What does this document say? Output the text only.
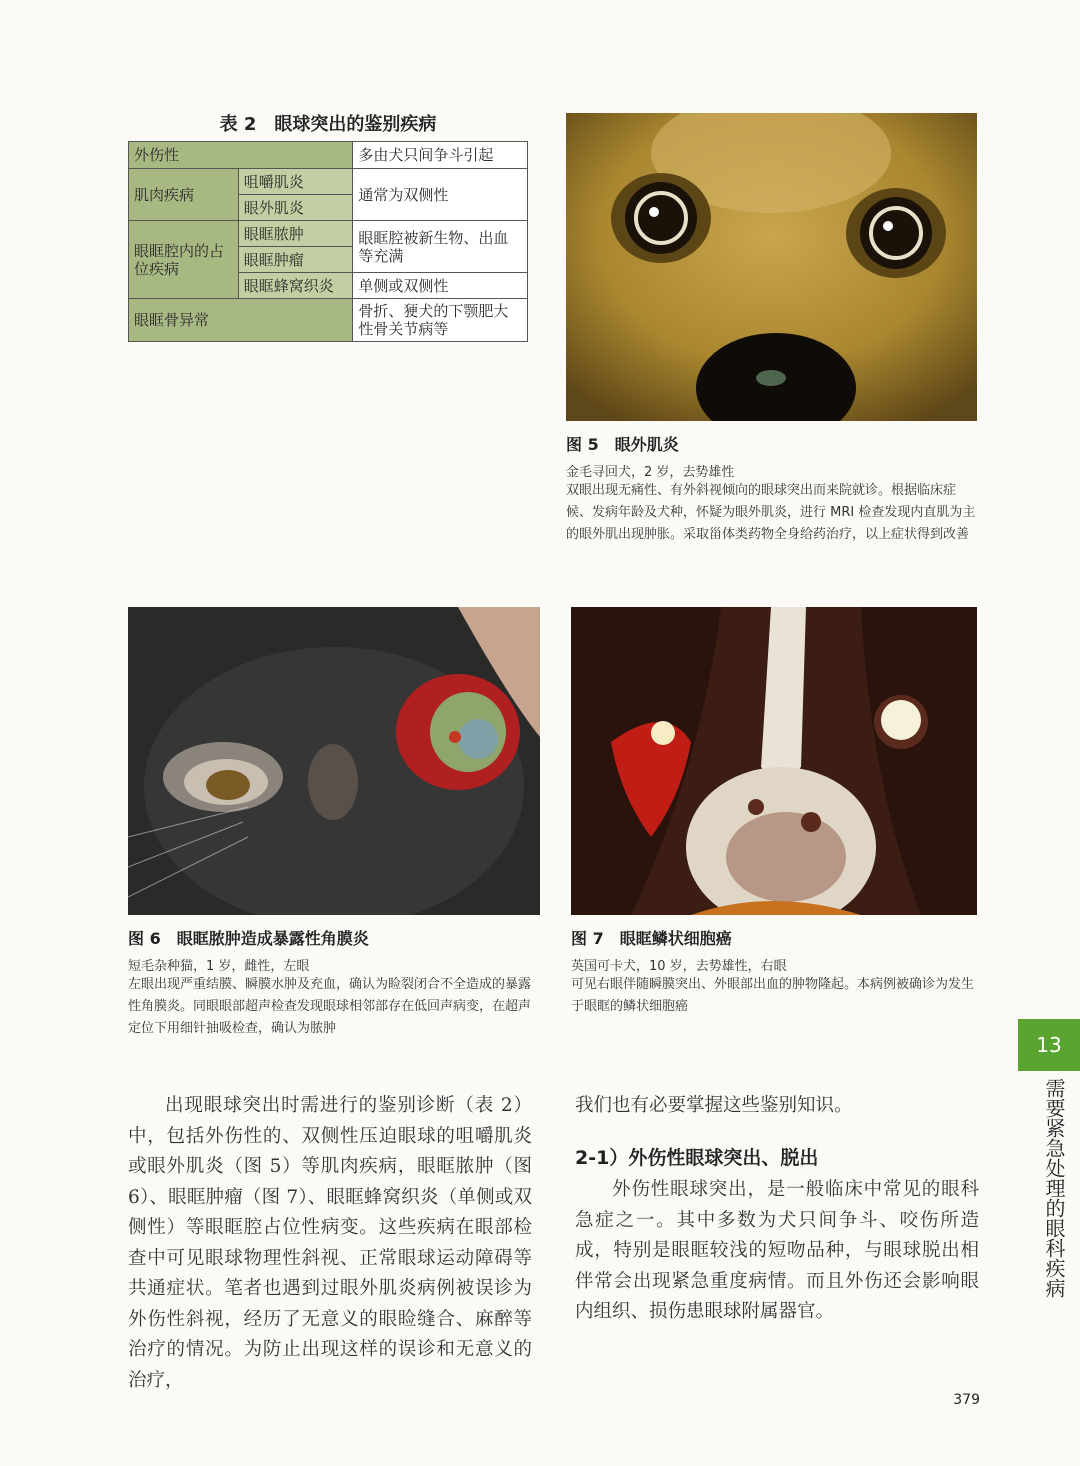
表 2　眼球突出的鉴别疾病
外伤性		多由犬只间争斗引起
肌肉疾病	咀嚼肌炎	通常为双侧性
	眼外肌炎	
眼眶腔内的占位疾病	眼眶脓肿	眼眶腔被新生物、出血等充满
	眼眶肿瘤	
	眼眶蜂窝织炎	单侧或双侧性
眼眶骨异常		骨折、㹴犬的下颚肥大性骨关节病等
图 5　眼外肌炎
金毛寻回犬，2 岁，去势雄性
双眼出现无痛性、有外斜视倾向的眼球突出而来院就诊。根据临床症候、发病年龄及犬种，怀疑为眼外肌炎，进行 MRI 检查发现内直肌为主的眼外肌出现肿胀。采取甾体类药物全身给药治疗，以上症状得到改善
图 6　眼眶脓肿造成暴露性角膜炎
短毛杂种猫，1 岁，雌性，左眼
左眼出现严重结膜、瞬膜水肿及充血，确认为睑裂闭合不全造成的暴露性角膜炎。同眼眼部超声检查发现眼球相邻部存在低回声病变，在超声定位下用细针抽吸检查，确认为脓肿
图 7　眼眶鳞状细胞癌
英国可卡犬，10 岁，去势雄性，右眼
可见右眼伴随瞬膜突出、外眼部出血的肿物隆起。本病例被确诊为发生于眼眶的鳞状细胞癌
出现眼球突出时需进行的鉴别诊断（表 2）中，包括外伤性的、双侧性压迫眼球的咀嚼肌炎或眼外肌炎（图 5）等肌肉疾病，眼眶脓肿（图 6）、眼眶肿瘤（图 7）、眼眶蜂窝织炎（单侧或双侧性）等眼眶腔占位性病变。这些疾病在眼部检查中可见眼球物理性斜视、正常眼球运动障碍等共通症状。笔者也遇到过眼外肌炎病例被误诊为外伤性斜视，经历了无意义的眼睑缝合、麻醉等治疗的情况。为防止出现这样的误诊和无意义的治疗，
我们也有必要掌握这些鉴别知识。
2-1）外伤性眼球突出、脱出
外伤性眼球突出，是一般临床中常见的眼科急症之一。其中多数为犬只间争斗、咬伤所造成，特别是眼眶较浅的短吻品种，与眼球脱出相伴常会出现紧急重度病情。而且外伤还会影响眼内组织、损伤患眼球附属器官。
13
需要紧急处理的眼科疾病
379
